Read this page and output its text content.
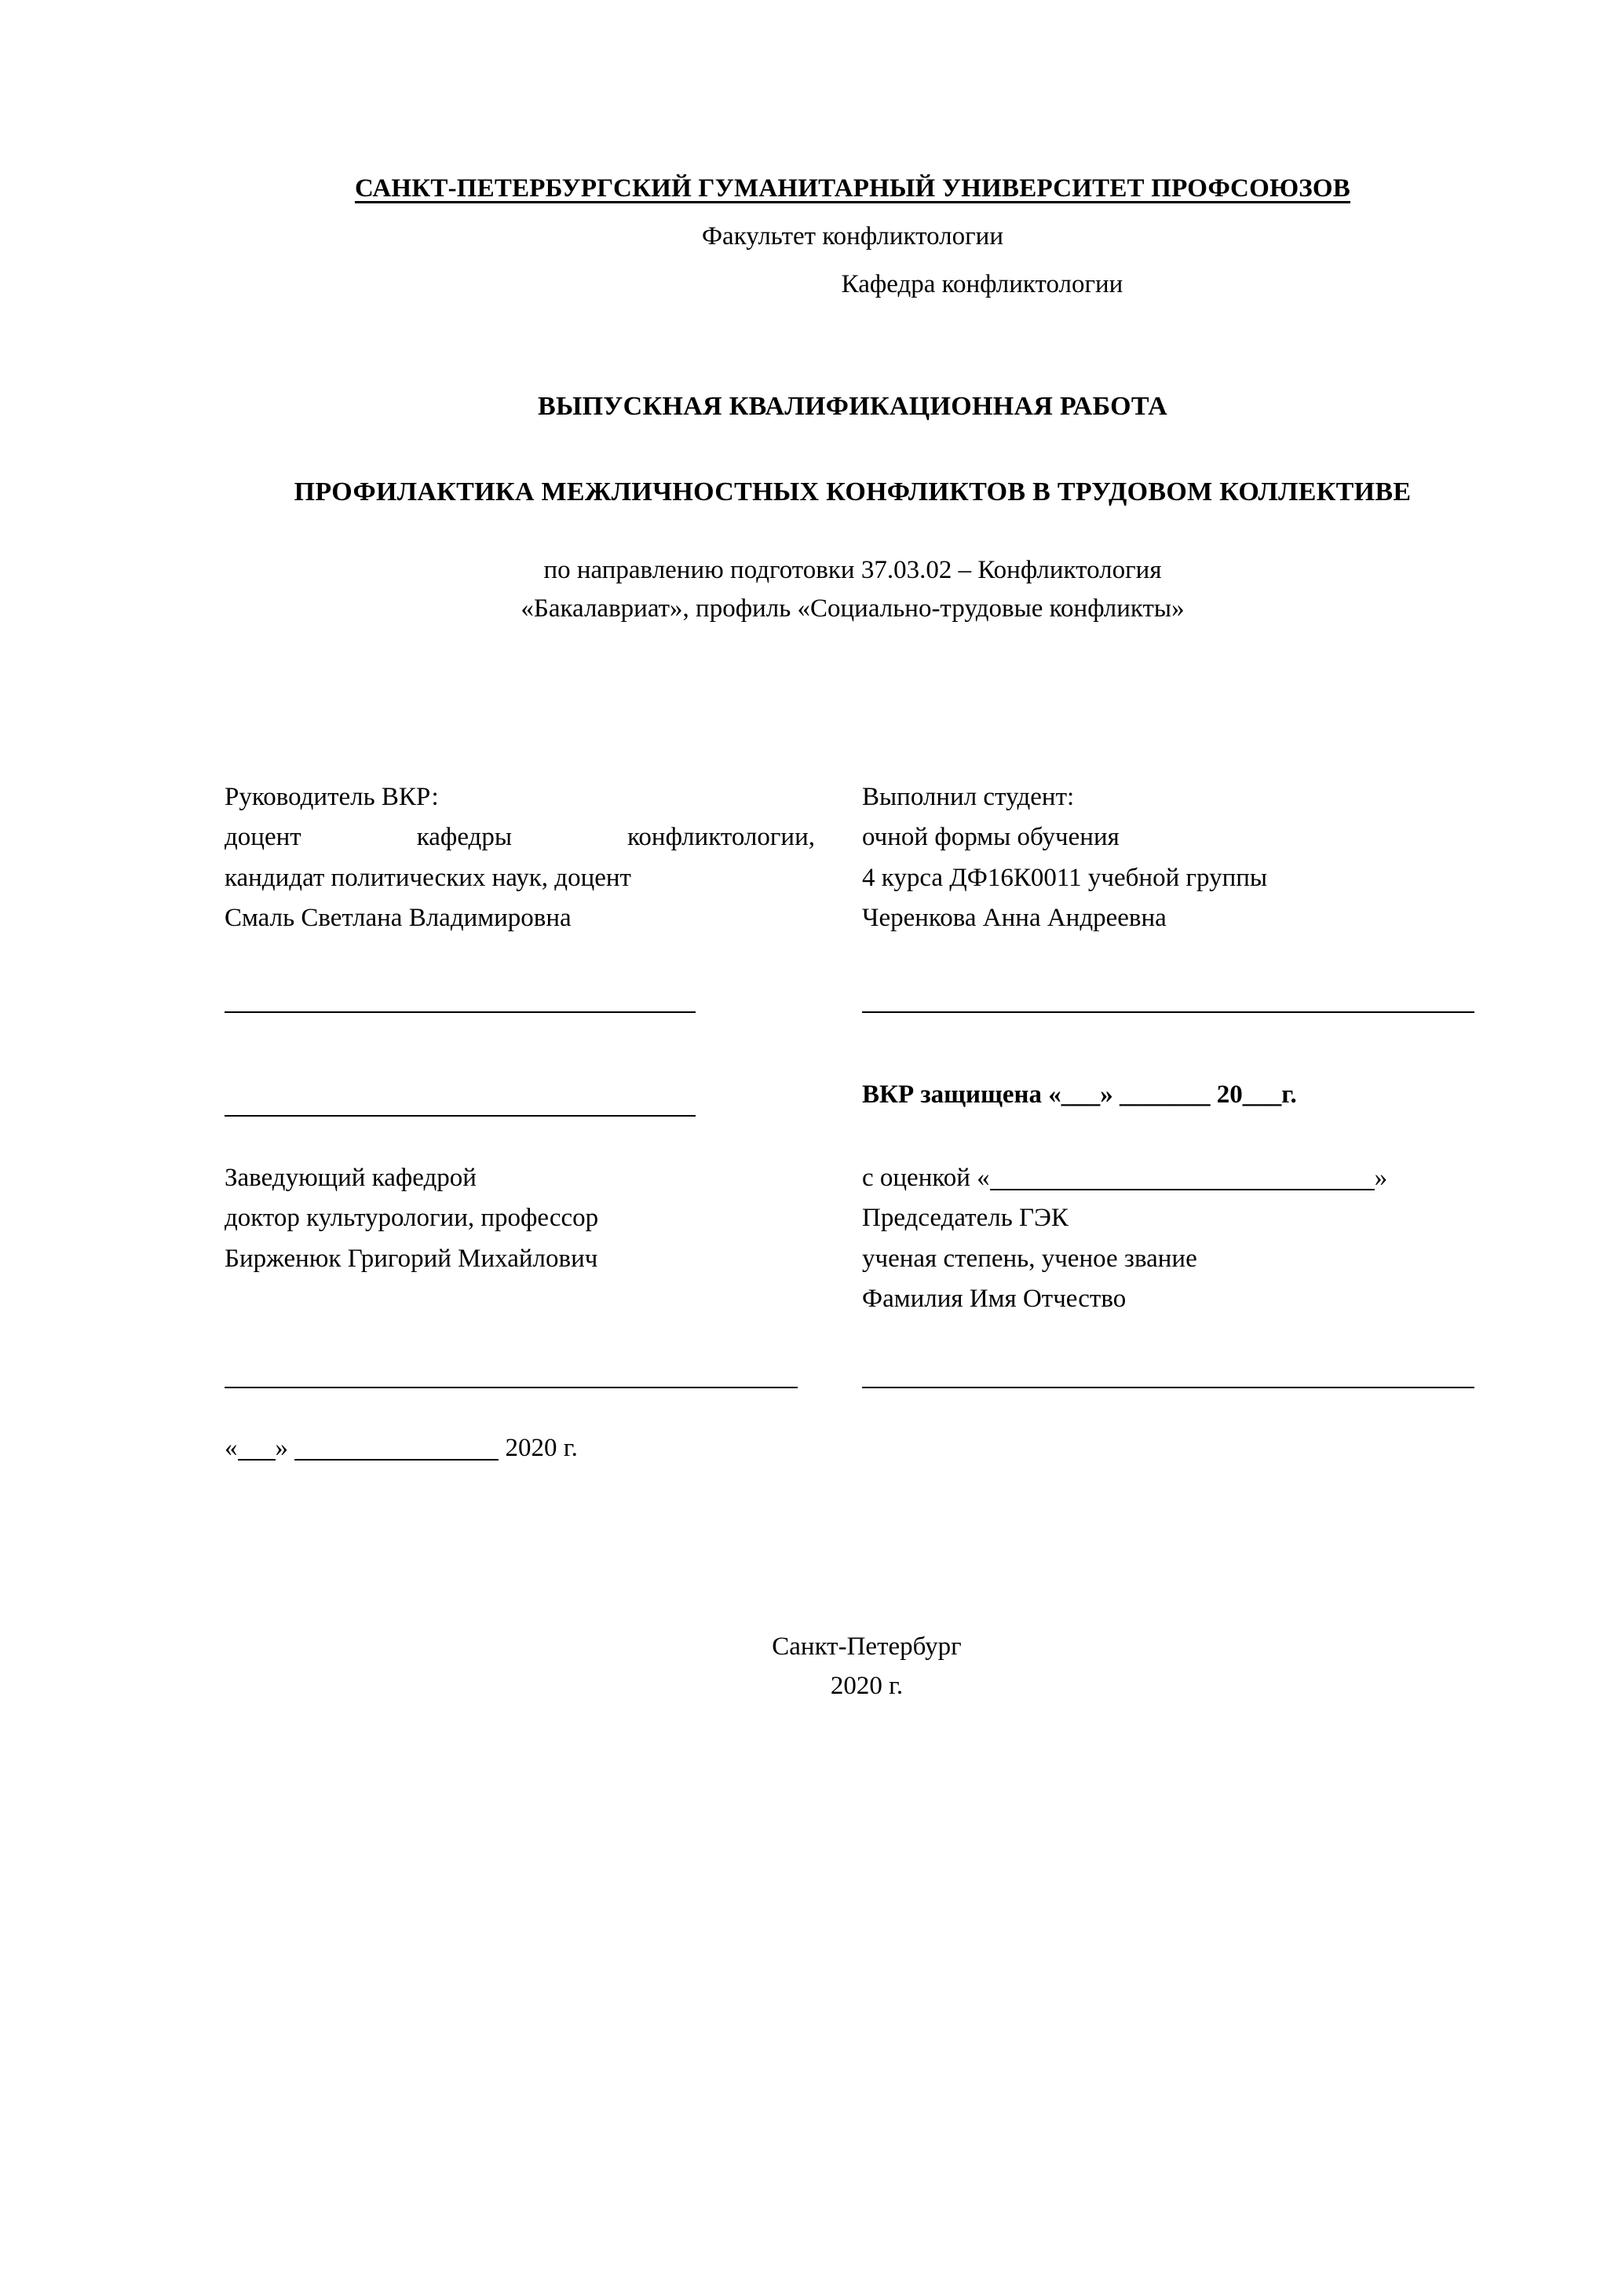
САНКТ-ПЕТЕРБУРГСКИЙ ГУМАНИТАРНЫЙ УНИВЕРСИТЕТ ПРОФСОЮЗОВ
Факультет конфликтологии
Кафедра конфликтологии
ВЫПУСКНАЯ КВАЛИФИКАЦИОННАЯ РАБОТА
ПРОФИЛАКТИКА МЕЖЛИЧНОСТНЫХ КОНФЛИКТОВ В ТРУДОВОМ КОЛЛЕКТИВЕ
по направлению подготовки 37.03.02 – Конфликтология
«Бакалавриат», профиль «Социально-трудовые конфликты»
Руководитель ВКР:
доцент кафедры конфликтологии,
кандидат политических наук, доцент
Смаль Светлана Владимировна
Выполнил студент:
очной формы обучения
4 курса ДФ16К0011 учебной группы
Черенкова Анна Андреевна
ВКР защищена «___» _______ 20___г.
Заведующий кафедрой
доктор культурологии, профессор
Бирженюк Григорий Михайлович
с оценкой «	»
Председатель ГЭК
ученая степень, ученое звание
Фамилия Имя Отчество
« »	2020 г.
Санкт-Петербург
2020 г.
